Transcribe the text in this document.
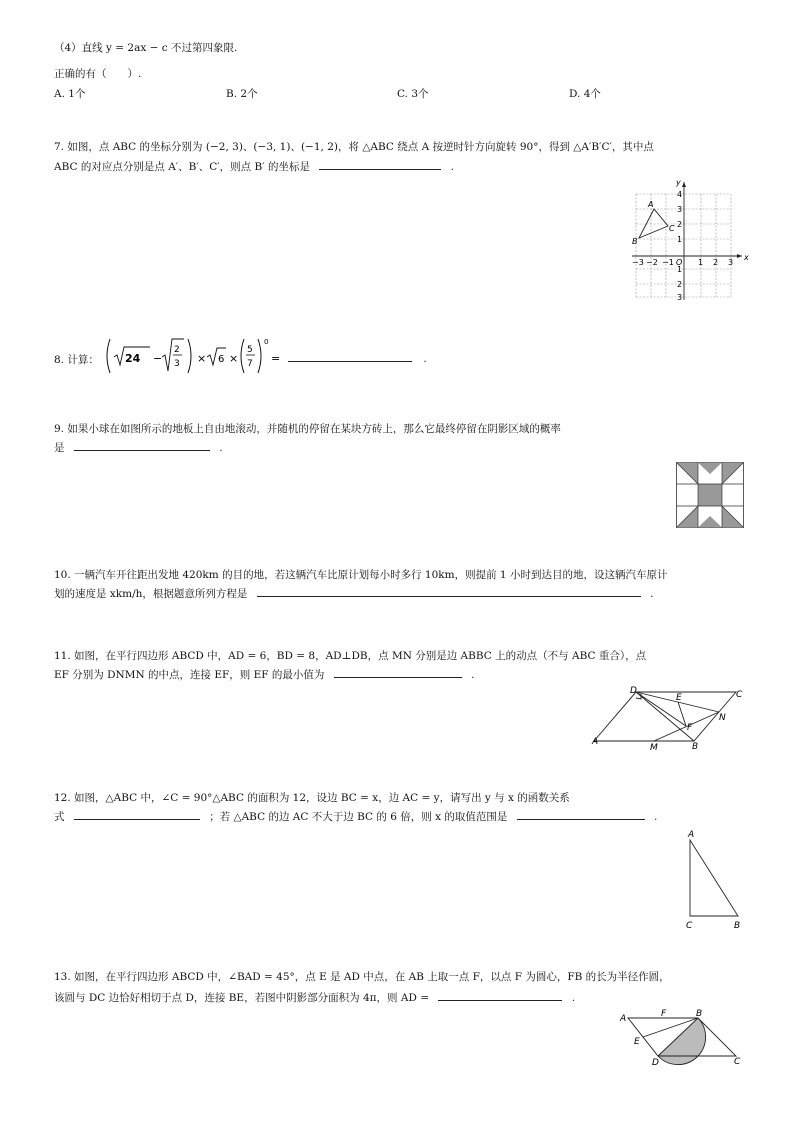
（4）直线 y = 2ax − c 不过第四象限.
正确的有（　　）.
A. 1个	B. 2个	C. 3个	D. 4个
7. 如图，点 ABC 的坐标分别为 (−2, 3)、(−3, 1)、(−1, 2)，将 △ABC 绕点 A 按逆时针方向旋转 90°，得到 △A′B′C′，其中点
ABC 的对应点分别是点 A′、B′、C′，则点 B′ 的坐标是	.
x
y
O
−3 −2 −1	1 2 3
4
3
2
1
1
2
3
A
B
C
8. 计算： 24 −
2
3 × 6 ×
5
7
0
=	.
9. 如果小球在如图所示的地板上自由地滚动，并随机的停留在某块方砖上，那么它最终停留在阴影区域的概率
是	.
10. 一辆汽车开往距出发地 420km 的目的地，若这辆汽车比原计划每小时多行 10km，则提前 1 小时到达目的地，设这辆汽车原计
划的速度是 xkm/h，根据题意所列方程是	.
11. 如图，在平行四边形 ABCD 中，AD = 6，BD = 8，AD⊥DB，点 MN 分别是边 ABBC 上的动点（不与 ABC 重合），点
EF 分别为 DNMN 的中点，连接 EF，则 EF 的最小值为	.
D	C
E
N
F
A
M	B
12. 如图，△ABC 中，∠C = 90°△ABC 的面积为 12，设边 BC = x，边 AC = y，请写出 y 与 x 的函数关系
式	；若 △ABC 的边 AC 不大于边 BC 的 6 倍，则 x 的取值范围是	.
A
C	B
13. 如图，在平行四边形 ABCD 中，∠BAD = 45°，点 E 是 AD 中点，在 AB 上取一点 F，以点 F 为圆心，FB 的长为半径作圆，
该圆与 DC 边恰好相切于点 D，连接 BE，若图中阴影部分面积为 4π，则 AD =	.
A	F	B
E
D	C
